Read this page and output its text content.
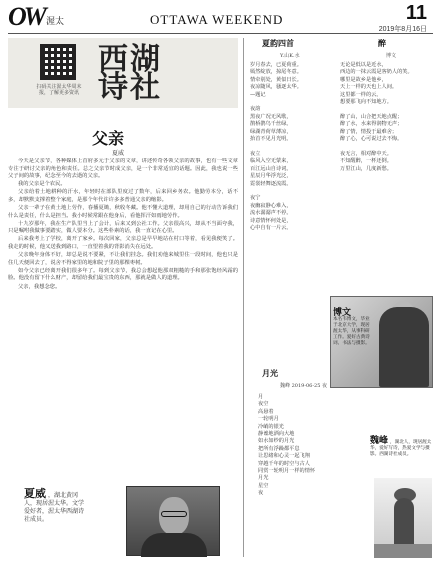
OW 渥太	OTTAWA WEEKEND	11
2019年8月16日
扫码关注渥太华周末报，了解更多资讯
西湖
诗社
父亲
夏威

今天是父亲节，各种媒体上首府多元于父亲的文章，讲述传奇各领父亲的故事，也有一些文章专注于研讨父亲的角色和责任。总之父亲节时成父亲，是一个非常适宜的话题。因此，我也说一些父子间的故事，纪念至今的去逝的父亲。

我的父亲是个农民。

父亲给着土地耕种的汗水，年轻时在部队里度过了数年，后来回乡务农。他勤劳本分，话不多，却默默支撑着整个家庭，是那个年代许许多多普通父亲的缩影。

父亲一辈子在黄土地上劳作，春播夏锄，秋收冬藏。他不懂大道理，却用自己的行动告诉我们什么是责任，什么是担当。我小时候常跟在他身后，看他挥汗如雨地劳作。

十九岁那年，我在生产队里当上了会计，后来又到公社工作。父亲很高兴，却从不当面夸我，只是嘱咐我做事要踏实，做人要本分。这些朴素的话，我一直记在心里。

后来我考上了学校，离开了家乡。每次回家，父亲总是早早地站在村口等着，看见我便笑了。我走的时候，他又送我到路口，一直望着我的背影消失在远处。

父亲晚年身体不好，却总是说不要紧，不让我们挂念。我们劝他来城里住一段时间，他也只是住几天便回去了，说舍不得家里的地和院子里的那棵枣树。

如今父亲已经离开我们很多年了。每到父亲节，我总会想起他那双粗糙的手和那张饱经风霜的脸。他没有留下什么财产，却留给我们最宝贵的东西，那就是做人的道理。

父亲，我想念您。

夏威 ，湖北黄冈人，现居渥太华。文学爱好者，渥太华西湖诗社成员。
夏韵四首	醉
Y.山K.水	博文
岁月春去，已夏荷重。
嫣然绽放，掠尾冬意。
情牵别处，黄似日长。
夜凉随风，骚逐太华。
—题记

夜韵
黑夜广况无风歌，
鹊桥鹊鸟千丝绿。
绿湖青荷草薄凉，
抬首不见月光明。

夜立
临风入空无蒙来，
百江远山自诗词。
星辰月华浮光泛，
霓裳轻舞逐流霞。

夜宁
夜幽寂静心难入，
流水潺潺声不停。
诗意情怀何处是，
心中自有一片云。
无论是低以是近水，
西边的一抹云霞是客奶人的笑。
哪里是故乡是他乡，
天上一样的天也上人间。
这里都一样的云。
想要那飞向不知地方。

醉了山，山合把天地点醒；
醉了水，水来得润物无声；
醉了情，情投于最难舍；
醉了心，心可说过去不悔。

夜无言，相对醉中天。
不知醒醉，一杯还倒。
万里江山，几度新愁。
博文
本名韦博文，毕业于北京大学，现居渥太华，从事科研工作。爱好古典诗词、书法与摄影。
月光
魏峰 2019-06-25 夜
月
夜空
高悬着
一轮明月
冷峭的银光
静谧地洒向大地
如水如纱的月光
把所有浮躁都平息
让思绪和心灵一起飞翔
穿越千年的时空与古人
同赏一轮明月一样的情怀
月光
星空
夜
魏峰 ，湖北人，现居渥太华，爱好写诗，热爱文学与摄影。西湖诗社成员。
